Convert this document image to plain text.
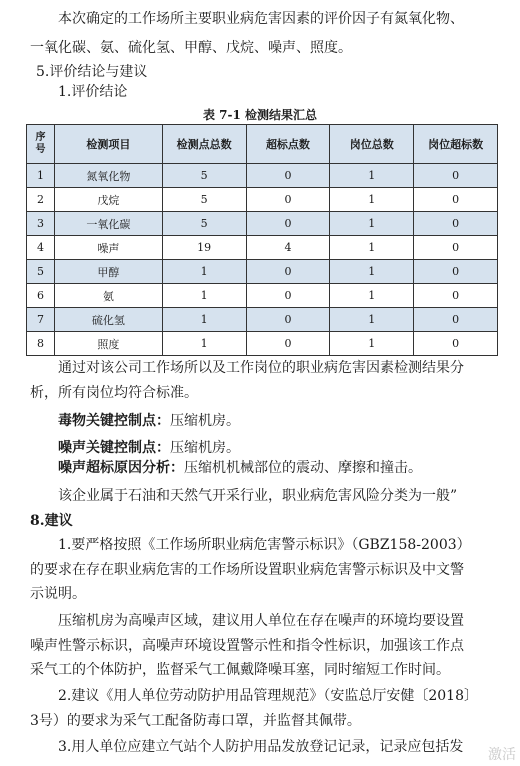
本次确定的工作场所主要职业病危害因素的评价因子有氮氧化物、
一氧化碳、氨、硫化氢、甲醇、戊烷、噪声、照度。
5.评价结论与建议
1.评价结论
表 7-1 检测结果汇总
序号	检测项目	检测点总数	超标点数	岗位总数	岗位超标数
1	氮氧化物	5	0	1	0
2	戊烷	5	0	1	0
3	一氧化碳	5	0	1	0
4	噪声	19	4	1	0
5	甲醇	1	0	1	0
6	氨	1	0	1	0
7	硫化氢	1	0	1	0
8	照度	1	0	1	0
通过对该公司工作场所以及工作岗位的职业病危害因素检测结果分
析，所有岗位均符合标准。
毒物关键控制点：压缩机房。
噪声关键控制点：压缩机房。
噪声超标原因分析：压缩机机械部位的震动、摩擦和撞击。
该企业属于石油和天然气开采行业，职业病危害风险分类为一般”
8.建议
1.要严格按照《工作场所职业病危害警示标识》（GBZ158-2003）
的要求在存在职业病危害的工作场所设置职业病危害警示标识及中文警
示说明。
压缩机房为高噪声区域，建议用人单位在存在噪声的环境均要设置
噪声性警示标识，高噪声环境设置警示性和指令性标识，加强该工作点
采气工的个体防护，监督采气工佩戴降噪耳塞，同时缩短工作时间。
2.建议《用人单位劳动防护用品管理规范》（安监总厅安健〔2018〕
3号）的要求为采气工配备防毒口罩，并监督其佩带。
3.用人单位应建立气站个人防护用品发放登记记录，记录应包括发 激活
